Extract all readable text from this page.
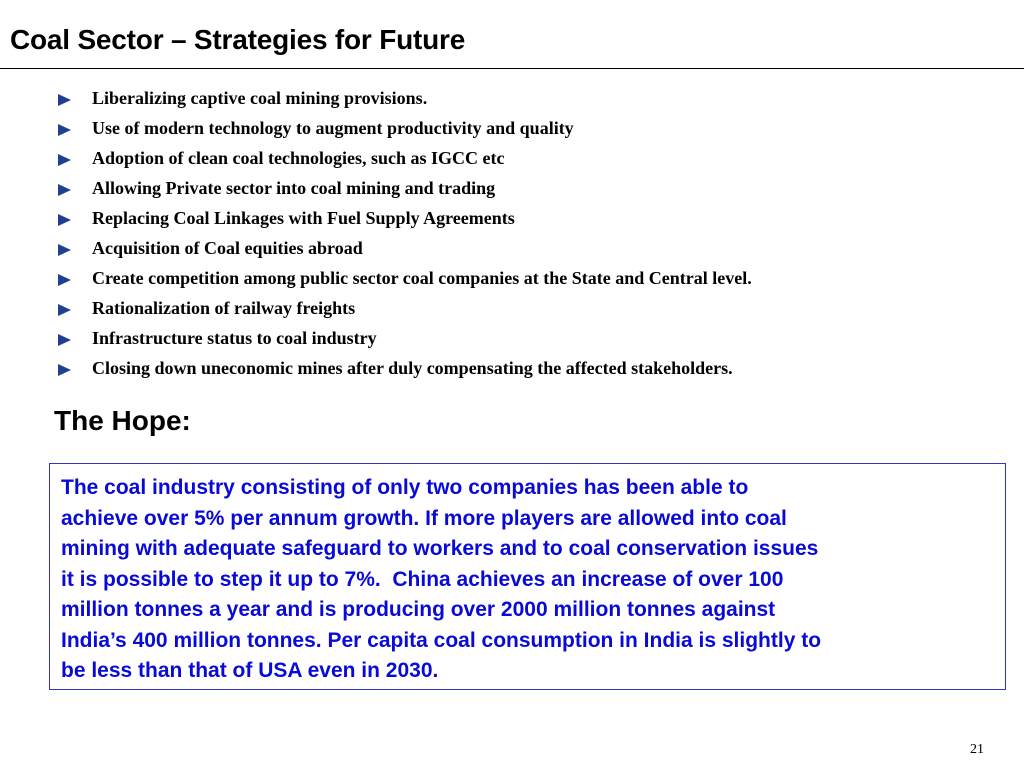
Coal Sector – Strategies for Future
Liberalizing captive coal mining provisions.
Use of modern technology to augment productivity and quality
Adoption of clean coal technologies, such as IGCC etc
Allowing Private sector into coal mining and trading
Replacing Coal Linkages with Fuel Supply Agreements
Acquisition of Coal equities abroad
Create competition among public sector coal companies at the State and Central level.
Rationalization of railway freights
Infrastructure status to coal industry
Closing down uneconomic mines after duly compensating the affected stakeholders.
The Hope:
The coal industry consisting of only two companies has been able to
achieve over 5% per annum growth. If more players are allowed into coal
mining with adequate safeguard to workers and to coal conservation issues
it is possible to step it up to 7%.  China achieves an increase of over 100
million tonnes a year and is producing over 2000 million tonnes against
India’s 400 million tonnes. Per capita coal consumption in India is slightly to
be less than that of USA even in 2030.
21
